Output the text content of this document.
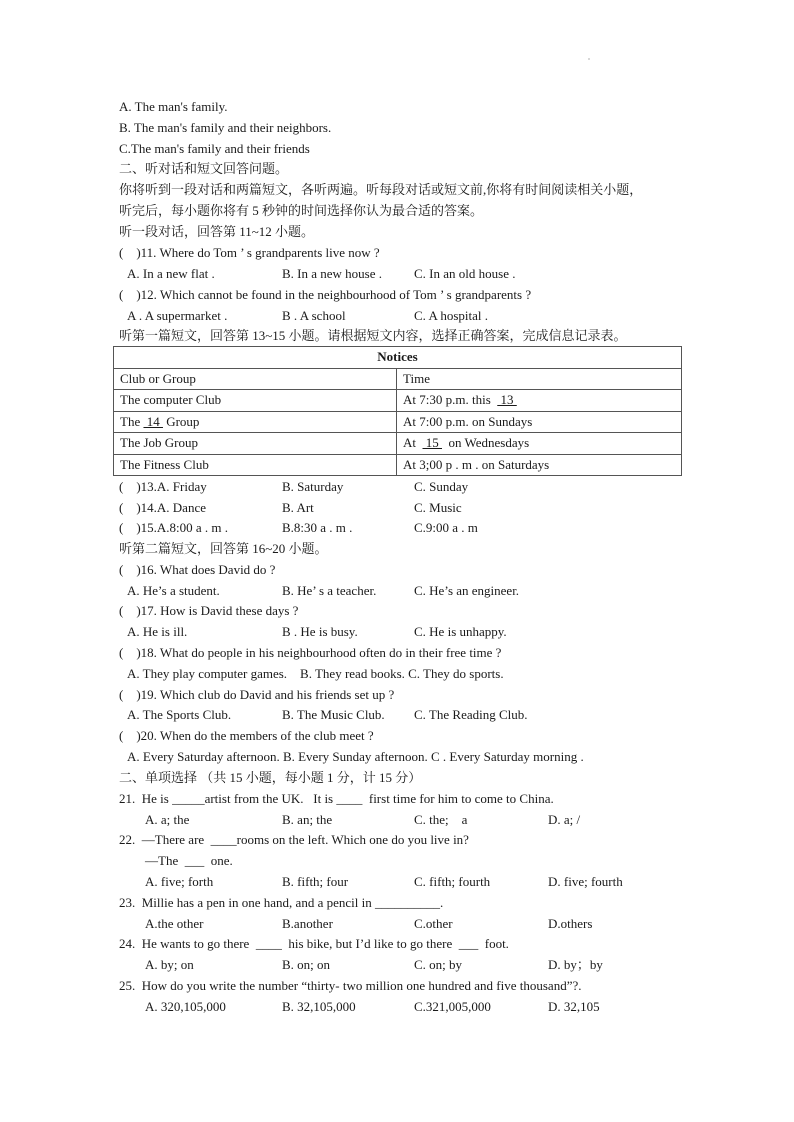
A. The man's family.
B. The man's family and their neighbors.
C.The man's family and their friends
二、听对话和短文回答问题。
你将听到一段对话和两篇短文，各听两遍。听每段对话或短文前,你将有时间阅读相关小题，
听完后，每小题你将有 5 秒钟的时间选择你认为最合适的答案。
听一段对话，回答第 11~12 小题。
(    )11. Where do Tom ’ s grandparents live now ?
A. In a new flat .	B. In a new house . C. In an old house .
(    )12. Which cannot be found in the neighbourhood of Tom ’ s grandparents ?
A . A supermarket .	B . A school	C. A hospital .
听第一篇短文，回答第 13~15 小题。请根据短文内容，选择正确答案，完成信息记录表。
Notices	
Club or Group	Time
The computer Club	At 7:30 p.m. this   13
The  14  Group	At 7:00 p.m. on Sundays
The Job Group	At   15   on Wednesdays
The Fitness Club	At 3;00 p . m . on Saturdays
(    )13.A. Friday	B. Saturday	C. Sunday
(    )14.A. Dance	B. Art	C. Music
(    )15.A.8:00 a . m .	B.8:30 a . m .	C.9:00 a . m
听第二篇短文，回答第 16~20 小题。
(    )16. What does David do ?
A. He’s a student.	B. He’ s a teacher.	C. He’s an engineer.
(    )17. How is David these days ?
A. He is ill.	B . He is busy.	C. He is unhappy.
(    )18. What do people in his neighbourhood often do in their free time ?
A. They play computer games.    B. They read books. C. They do sports.
(    )19. Which club do David and his friends set up ?
A. The Sports Club.	B. The Music Club. C. The Reading Club.
(    )20. When do the members of the club meet ?
A. Every Saturday afternoon. B. Every Sunday afternoon. C . Every Saturday morning .
二、单项选择 （共 15 小题，每小题 1 分，计 15 分）
21.  He is _____artist from the UK.   It is ____  first time for him to come to China.
A. a; the	B. an; the	C. the;    a	D. a; /
22.  —There are  ____rooms on the left. Which one do you live in?
—The  ___  one.
A. five; forth	B. fifth; four	C. fifth; fourth	D. five; fourth
23.  Millie has a pen in one hand, and a pencil in __________.
A.the other	B.another	C.other	D.others
24.  He wants to go there  ____  his bike, but I’d like to go there  ___  foot.
A. by; on	B. on; on	C. on; by	D. by；by
25.  How do you write the number “thirty- two million one hundred and five thousand”?.
A. 320,105,000	B. 32,105,000	C.321,005,000	D. 32,105
